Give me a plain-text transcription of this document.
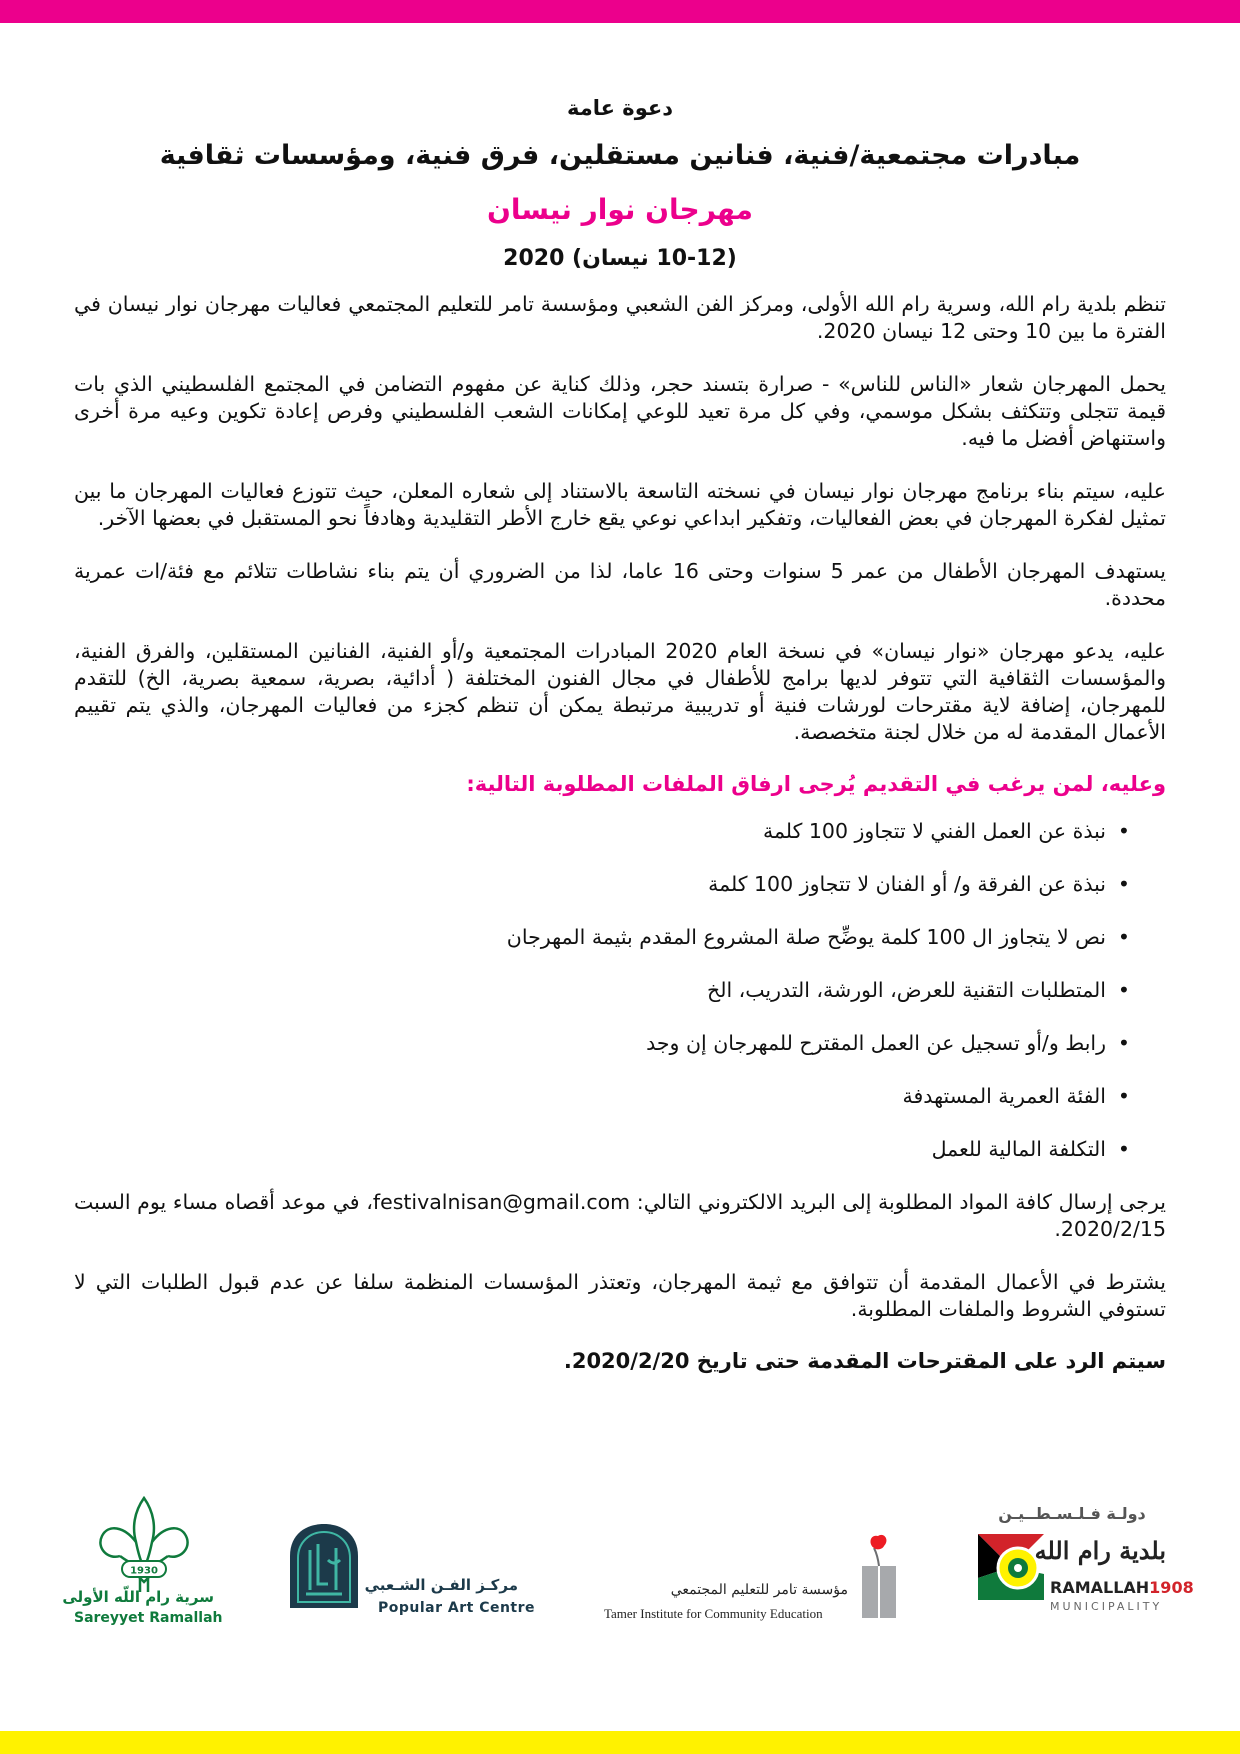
دعوة عامة
مبادرات مجتمعية/فنية، فنانين مستقلين، فرق فنية، ومؤسسات ثقافية
مهرجان نوار نيسان
(10-12 نيسان) 2020

تنظم بلدية رام الله، وسرية رام الله الأولى، ومركز الفن الشعبي ومؤسسة تامر للتعليم المجتمعي فعاليات مهرجان نوار نيسان في الفترة ما بين 10 وحتى 12 نيسان 2020.

يحمل المهرجان شعار «الناس للناس» - صرارة بتسند حجر، وذلك كناية عن مفهوم التضامن في المجتمع الفلسطيني الذي بات قيمة تتجلى وتتكثف بشكل موسمي، وفي كل مرة تعيد للوعي إمكانات الشعب الفلسطيني وفرص إعادة تكوين وعيه مرة أخرى واستنهاض أفضل ما فيه.

عليه، سيتم بناء برنامج مهرجان نوار نيسان في نسخته التاسعة بالاستناد إلى شعاره المعلن، حيث تتوزع فعاليات المهرجان ما بين تمثيل لفكرة المهرجان في بعض الفعاليات، وتفكير ابداعي نوعي يقع خارج الأطر التقليدية وهادفاً نحو المستقبل في بعضها الآخر.

يستهدف المهرجان الأطفال من عمر 5 سنوات وحتى 16 عاما، لذا من الضروري أن يتم بناء نشاطات تتلائم مع فئة/ات عمرية محددة.

عليه، يدعو مهرجان «نوار نيسان» في نسخة العام 2020 المبادرات المجتمعية و/أو الفنية، الفنانين المستقلين، والفرق الفنية، والمؤسسات الثقافية التي تتوفر لديها برامج للأطفال في مجال الفنون المختلفة ( أدائية، بصرية، سمعية بصرية، الخ) للتقدم للمهرجان، إضافة لاية مقترحات لورشات فنية أو تدريبية مرتبطة يمكن أن تنظم كجزء من فعاليات المهرجان، والذي يتم تقييم الأعمال المقدمة له من خلال لجنة متخصصة.

وعليه، لمن يرغب في التقديم يُرجى ارفاق الملفات المطلوبة التالية:

•
نبذة عن العمل الفني لا تتجاوز 100 كلمة
•
نبذة عن الفرقة و/ أو الفنان لا تتجاوز 100 كلمة
•
نص لا يتجاوز ال 100 كلمة يوضِّح صلة المشروع المقدم بثيمة المهرجان
•
المتطلبات التقنية للعرض، الورشة، التدريب، الخ
•
رابط و/أو تسجيل عن العمل المقترح للمهرجان إن وجد
•
الفئة العمرية المستهدفة
•
التكلفة المالية للعمل

يرجى إرسال كافة المواد المطلوبة إلى البريد الالكتروني التالي: festivalnisan@gmail.com، في موعد أقصاه مساء يوم السبت 2020/2/15.

يشترط في الأعمال المقدمة أن تتوافق مع ثيمة المهرجان، وتعتذر المؤسسات المنظمة سلفا عن عدم قبول الطلبات التي لا تستوفي الشروط والملفات المطلوبة.

سيتم الرد على المقترحات المقدمة حتى تاريخ 2020/2/20.

1930
سرية رام اللّه الأولى
Sareyyet Ramallah
مركـز الفـن الشـعبي
Popular Art Centre
مؤسسة تامر للتعليم المجتمعي
Tamer Institute for Community Education
دولـة فـلـسـطــيـن
بلدية رام الله
RAMALLAH1908
MUNICIPALITY
